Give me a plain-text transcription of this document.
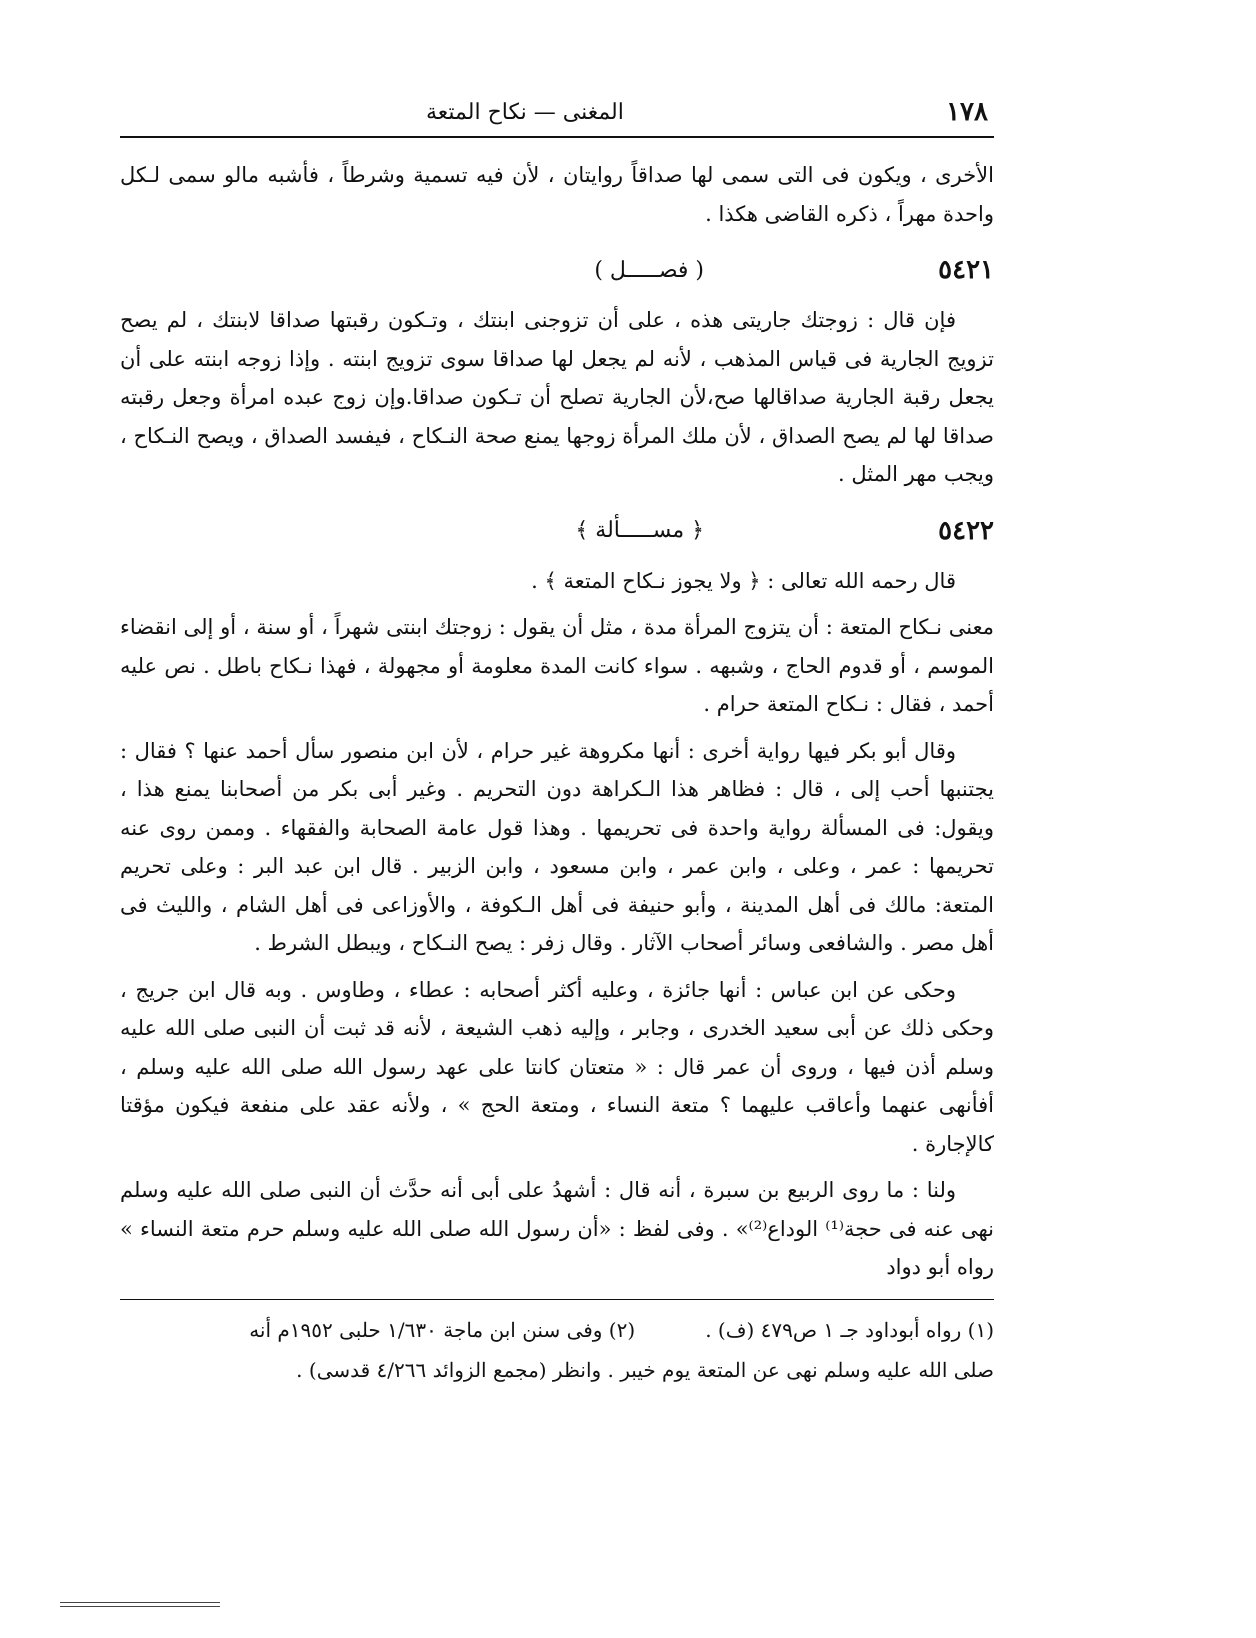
١٧٨
المغنى — نكاح المتعة

الأخرى ، ويكون فى التى سمى لها صداقاً روايتان ، لأن فيه تسمية وشرطاً ، فأشبه مالو سمى لـكل واحدة مهراً ، ذكره القاضى هكذا .

٥٤٢١
( فصـــــل )

فإن قال : زوجتك جاريتى هذه ، على أن تزوجنى ابنتك ، وتـكون رقبتها صداقا لابنتك ، لم يصح تزويج الجارية فى قياس المذهب ، لأنه لم يجعل لها صداقا سوى تزويج ابنته . وإذا زوجه ابنته على أن يجعل رقبة الجارية صداقالها صح،لأن الجارية تصلح أن تـكون صداقا.وإن زوج عبده امرأة وجعل رقبته صداقا لها لم يصح الصداق ، لأن ملك المرأة زوجها يمنع صحة النـكاح ، فيفسد الصداق ، ويصح النـكاح ، ويجب مهر المثل .

٥٤٢٢
﴿ مســـــألة ﴾

قال رحمه الله تعالى : ﴿ ولا يجوز نـكاح المتعة ﴾ .

معنى نـكاح المتعة : أن يتزوج المرأة مدة ، مثل أن يقول : زوجتك ابنتى شهراً ، أو سنة ، أو إلى انقضاء الموسم ، أو قدوم الحاج ، وشبهه . سواء كانت المدة معلومة أو مجهولة ، فهذا نـكاح باطل . نص عليه أحمد ، فقال : نـكاح المتعة حرام .

وقال أبو بكر فيها رواية أخرى : أنها مكروهة غير حرام ، لأن ابن منصور سأل أحمد عنها ؟ فقال : يجتنبها أحب إلى ، قال : فظاهر هذا الـكراهة دون التحريم . وغير أبى بكر من أصحابنا يمنع هذا ، ويقول: فى المسألة رواية واحدة فى تحريمها . وهذا قول عامة الصحابة والفقهاء . وممن روى عنه تحريمها : عمر ، وعلى ، وابن عمر ، وابن مسعود ، وابن الزبير . قال ابن عبد البر : وعلى تحريم المتعة: مالك فى أهل المدينة ، وأبو حنيفة فى أهل الـكوفة ، والأوزاعى فى أهل الشام ، والليث فى أهل مصر . والشافعى وسائر أصحاب الآثار . وقال زفر : يصح النـكاح ، ويبطل الشرط .

وحكى عن ابن عباس : أنها جائزة ، وعليه أكثر أصحابه : عطاء ، وطاوس . وبه قال ابن جريج ، وحكى ذلك عن أبى سعيد الخدرى ، وجابر ، وإليه ذهب الشيعة ، لأنه قد ثبت أن النبى صلى الله عليه وسلم أذن فيها ، وروى أن عمر قال : « متعتان كانتا على عهد رسول الله صلى الله عليه وسلم ، أفأنهى عنهما وأعاقب عليهما ؟ متعة النساء ، ومتعة الحج » ، ولأنه عقد على منفعة فيكون مؤقتا كالإجارة .

ولنا : ما روى الربيع بن سبرة ، أنه قال : أشهدُ على أبى أنه حدَّث أن النبى صلى الله عليه وسلم نهى عنه فى حجة⁽¹⁾ الوداع⁽²⁾» . وفى لفظ : «أن رسول الله صلى الله عليه وسلم حرم متعة النساء » رواه أبو دواد

(١) رواه أبوداود جـ ١ ص٤٧٩ (ف) .

(٢) وفى سنن ابن ماجة ١/٦٣٠ حلبى ١٩٥٢م أنه

صلى الله عليه وسلم نهى عن المتعة يوم خيبر . وانظر (مجمع الزوائد ٤/٢٦٦ قدسى) .
